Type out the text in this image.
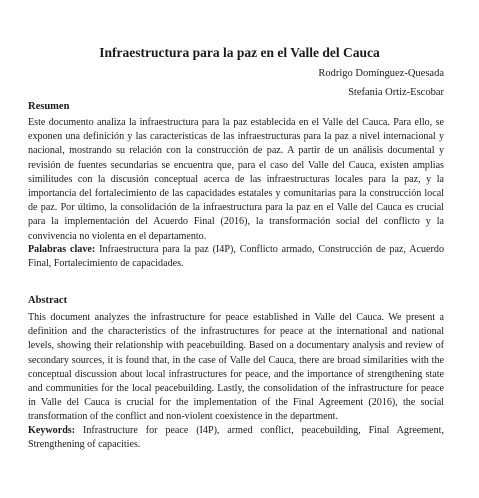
Infraestructura para la paz en el Valle del Cauca
Rodrigo Domínguez-Quesada
Stefania Ortiz-Escobar
Resumen
Este documento analiza la infraestructura para la paz establecida en el Valle del Cauca. Para ello, se exponen una definición y las características de las infraestructuras para la paz a nivel internacional y nacional, mostrando su relación con la construcción de paz. A partir de un análisis documental y revisión de fuentes secundarias se encuentra que, para el caso del Valle del Cauca, existen amplias similitudes con la discusión conceptual acerca de las infraestructuras locales para la paz, y la importancia del fortalecimiento de las capacidades estatales y comunitarias para la construcción local de paz. Por último, la consolidación de la infraestructura para la paz en el Valle del Cauca es crucial para la implementación del Acuerdo Final (2016), la transformación social del conflicto y la convivencia no violenta en el departamento.
Palabras clave: Infraestructura para la paz (I4P), Conflicto armado, Construcción de paz, Acuerdo Final, Fortalecimiento de capacidades.
Abstract
This document analyzes the infrastructure for peace established in Valle del Cauca. We present a definition and the characteristics of the infrastructures for peace at the international and national levels, showing their relationship with peacebuilding. Based on a documentary analysis and review of secondary sources, it is found that, in the case of Valle del Cauca, there are broad similarities with the conceptual discussion about local infrastructures for peace, and the importance of strengthening state and communities for the local peacebuilding. Lastly, the consolidation of the infrastructure for peace in Valle del Cauca is crucial for the implementation of the Final Agreement (2016), the social transformation of the conflict and non-violent coexistence in the department.
Keywords: Infrastructure for peace (I4P), armed conflict, peacebuilding, Final Agreement, Strengthening of capacities.
